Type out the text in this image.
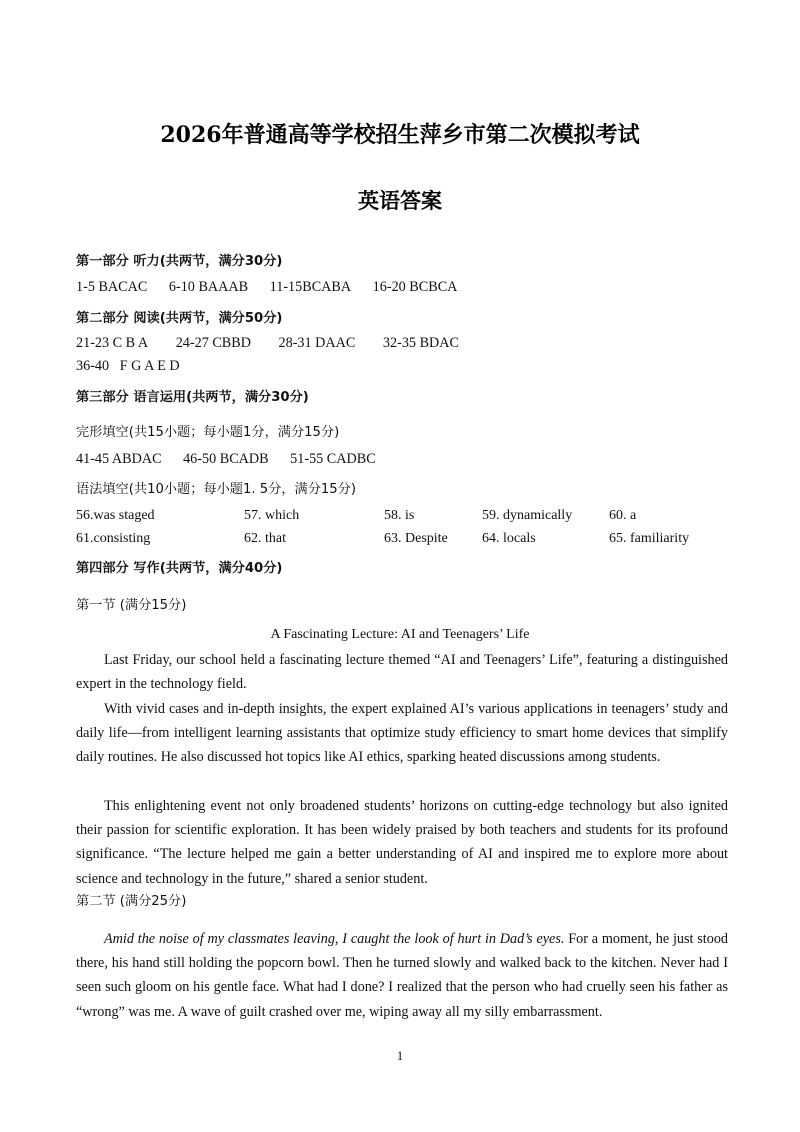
2026年普通高等学校招生萍乡市第二次模拟考试
英语答案
第一部分 听力(共两节，满分30分)
1-5 BACAC 6-10 BAAAB 11-15BCABA 16-20 BCBCA
第二部分 阅读(共两节，满分50分)
21-23 C B A 24-27 CBBD 28-31 DAAC 32-35 BDAC
36-40   F G A E D
第三部分 语言运用(共两节，满分30分)
完形填空(共15小题；每小题1分，满分15分)
41-45 ABDAC 46-50 BCADB 51-55 CADBC
语法填空(共10小题；每小题1. 5分，满分15分)
56.was staged	57. which	58. is	59. dynamically	60. a
61.consisting	62. that	63. Despite 64. locals	65. familiarity
第四部分 写作(共两节，满分40分)
第一节 (满分15分)
A Fascinating Lecture: AI and Teenagers’ Life
Last Friday, our school held a fascinating lecture themed “AI and Teenagers’ Life”, featuring a distinguished expert in the technology field.
With vivid cases and in-depth insights, the expert explained AI’s various applications in teenagers’ study and daily life—from intelligent learning assistants that optimize study efficiency to smart home devices that simplify daily routines. He also discussed hot topics like AI ethics, sparking heated discussions among students.
This enlightening event not only broadened students’ horizons on cutting-edge technology but also ignited their passion for scientific exploration. It has been widely praised by both teachers and students for its profound significance. “The lecture helped me gain a better understanding of AI and inspired me to explore more about science and technology in the future,” shared a senior student.
第二节 (满分25分)
Amid the noise of my classmates leaving, I caught the look of hurt in Dad’s eyes. For a moment, he just stood there, his hand still holding the popcorn bowl. Then he turned slowly and walked back to the kitchen. Never had I seen such gloom on his gentle face. What had I done? I realized that the person who had cruelly seen his father as “wrong” was me. A wave of guilt crashed over me, wiping away all my silly embarrassment.
1
